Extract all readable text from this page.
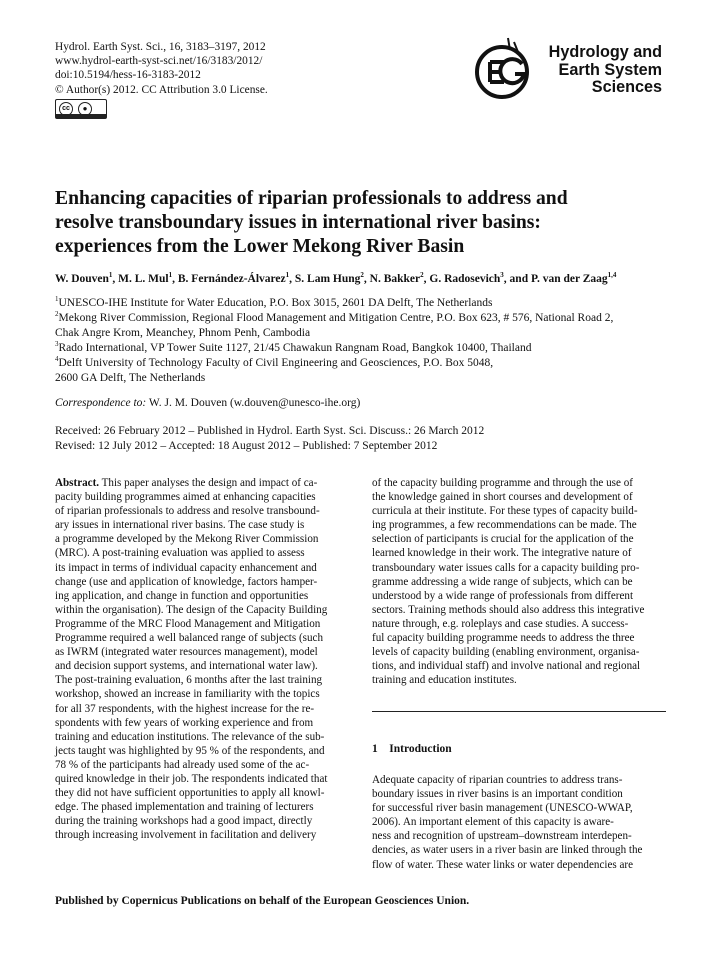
Hydrol. Earth Syst. Sci., 16, 3183–3197, 2012
www.hydrol-earth-syst-sci.net/16/3183/2012/
doi:10.5194/hess-16-3183-2012
© Author(s) 2012. CC Attribution 3.0 License.
cc	●
Hydrology and
Earth System
Sciences
Enhancing capacities of riparian professionals to address and
resolve transboundary issues in international river basins:
experiences from the Lower Mekong River Basin
W. Douven$^1$, M. L. Mul$^1$, B. Fernández-Álvarez$^1$, S. Lam Hung$^2$, N. Bakker$^2$, G. Radosevich$^3$, and P. van der Zaag$^{1,4}$
$^1$UNESCO-IHE Institute for Water Education, P.O. Box 3015, 2601 DA Delft, The Netherlands
$^2$Mekong River Commission, Regional Flood Management and Mitigation Centre, P.O. Box 623, # 576, National Road 2,
Chak Angre Krom, Meanchey, Phnom Penh, Cambodia
$^3$Rado International, VP Tower Suite 1127, 21/45 Chawakun Rangnam Road, Bangkok 10400, Thailand
$^4$Delft University of Technology Faculty of Civil Engineering and Geosciences, P.O. Box 5048,
2600 GA Delft, The Netherlands
Correspondence to: W. J. M. Douven (w.douven@unesco-ihe.org)
Received: 26 February 2012 – Published in Hydrol. Earth Syst. Sci. Discuss.: 26 March 2012
Revised: 12 July 2012 – Accepted: 18 August 2012 – Published: 7 September 2012
Abstract. This paper analyses the design and impact of ca-
pacity building programmes aimed at enhancing capacities
of riparian professionals to address and resolve transbound-
ary issues in international river basins. The case study is
a programme developed by the Mekong River Commission
(MRC). A post-training evaluation was applied to assess
its impact in terms of individual capacity enhancement and
change (use and application of knowledge, factors hamper-
ing application, and change in function and opportunities
within the organisation). The design of the Capacity Building
Programme of the MRC Flood Management and Mitigation
Programme required a well balanced range of subjects (such
as IWRM (integrated water resources management), model
and decision support systems, and international water law).
The post-training evaluation, 6 months after the last training
workshop, showed an increase in familiarity with the topics
for all 37 respondents, with the highest increase for the re-
spondents with few years of working experience and from
training and education institutions. The relevance of the sub-
jects taught was highlighted by 95 % of the respondents, and
78 % of the participants had already used some of the ac-
quired knowledge in their job. The respondents indicated that
they did not have sufficient opportunities to apply all knowl-
edge. The phased implementation and training of lecturers
during the training workshops had a good impact, directly
through increasing involvement in facilitation and delivery
of the capacity building programme and through the use of
the knowledge gained in short courses and development of
curricula at their institute. For these types of capacity build-
ing programmes, a few recommendations can be made. The
selection of participants is crucial for the application of the
learned knowledge in their work. The integrative nature of
transboundary water issues calls for a capacity building pro-
gramme addressing a wide range of subjects, which can be
understood by a wide range of professionals from different
sectors. Training methods should also address this integrative
nature through, e.g. roleplays and case studies. A success-
ful capacity building programme needs to address the three
levels of capacity building (enabling environment, organisa-
tions, and individual staff) and involve national and regional
training and education institutes.
1 Introduction
Adequate capacity of riparian countries to address trans-
boundary issues in river basins is an important condition
for successful river basin management (UNESCO-WWAP,
2006). An important element of this capacity is aware-
ness and recognition of upstream–downstream interdepen-
dencies, as water users in a river basin are linked through the
flow of water. These water links or water dependencies are
Published by Copernicus Publications on behalf of the European Geosciences Union.
